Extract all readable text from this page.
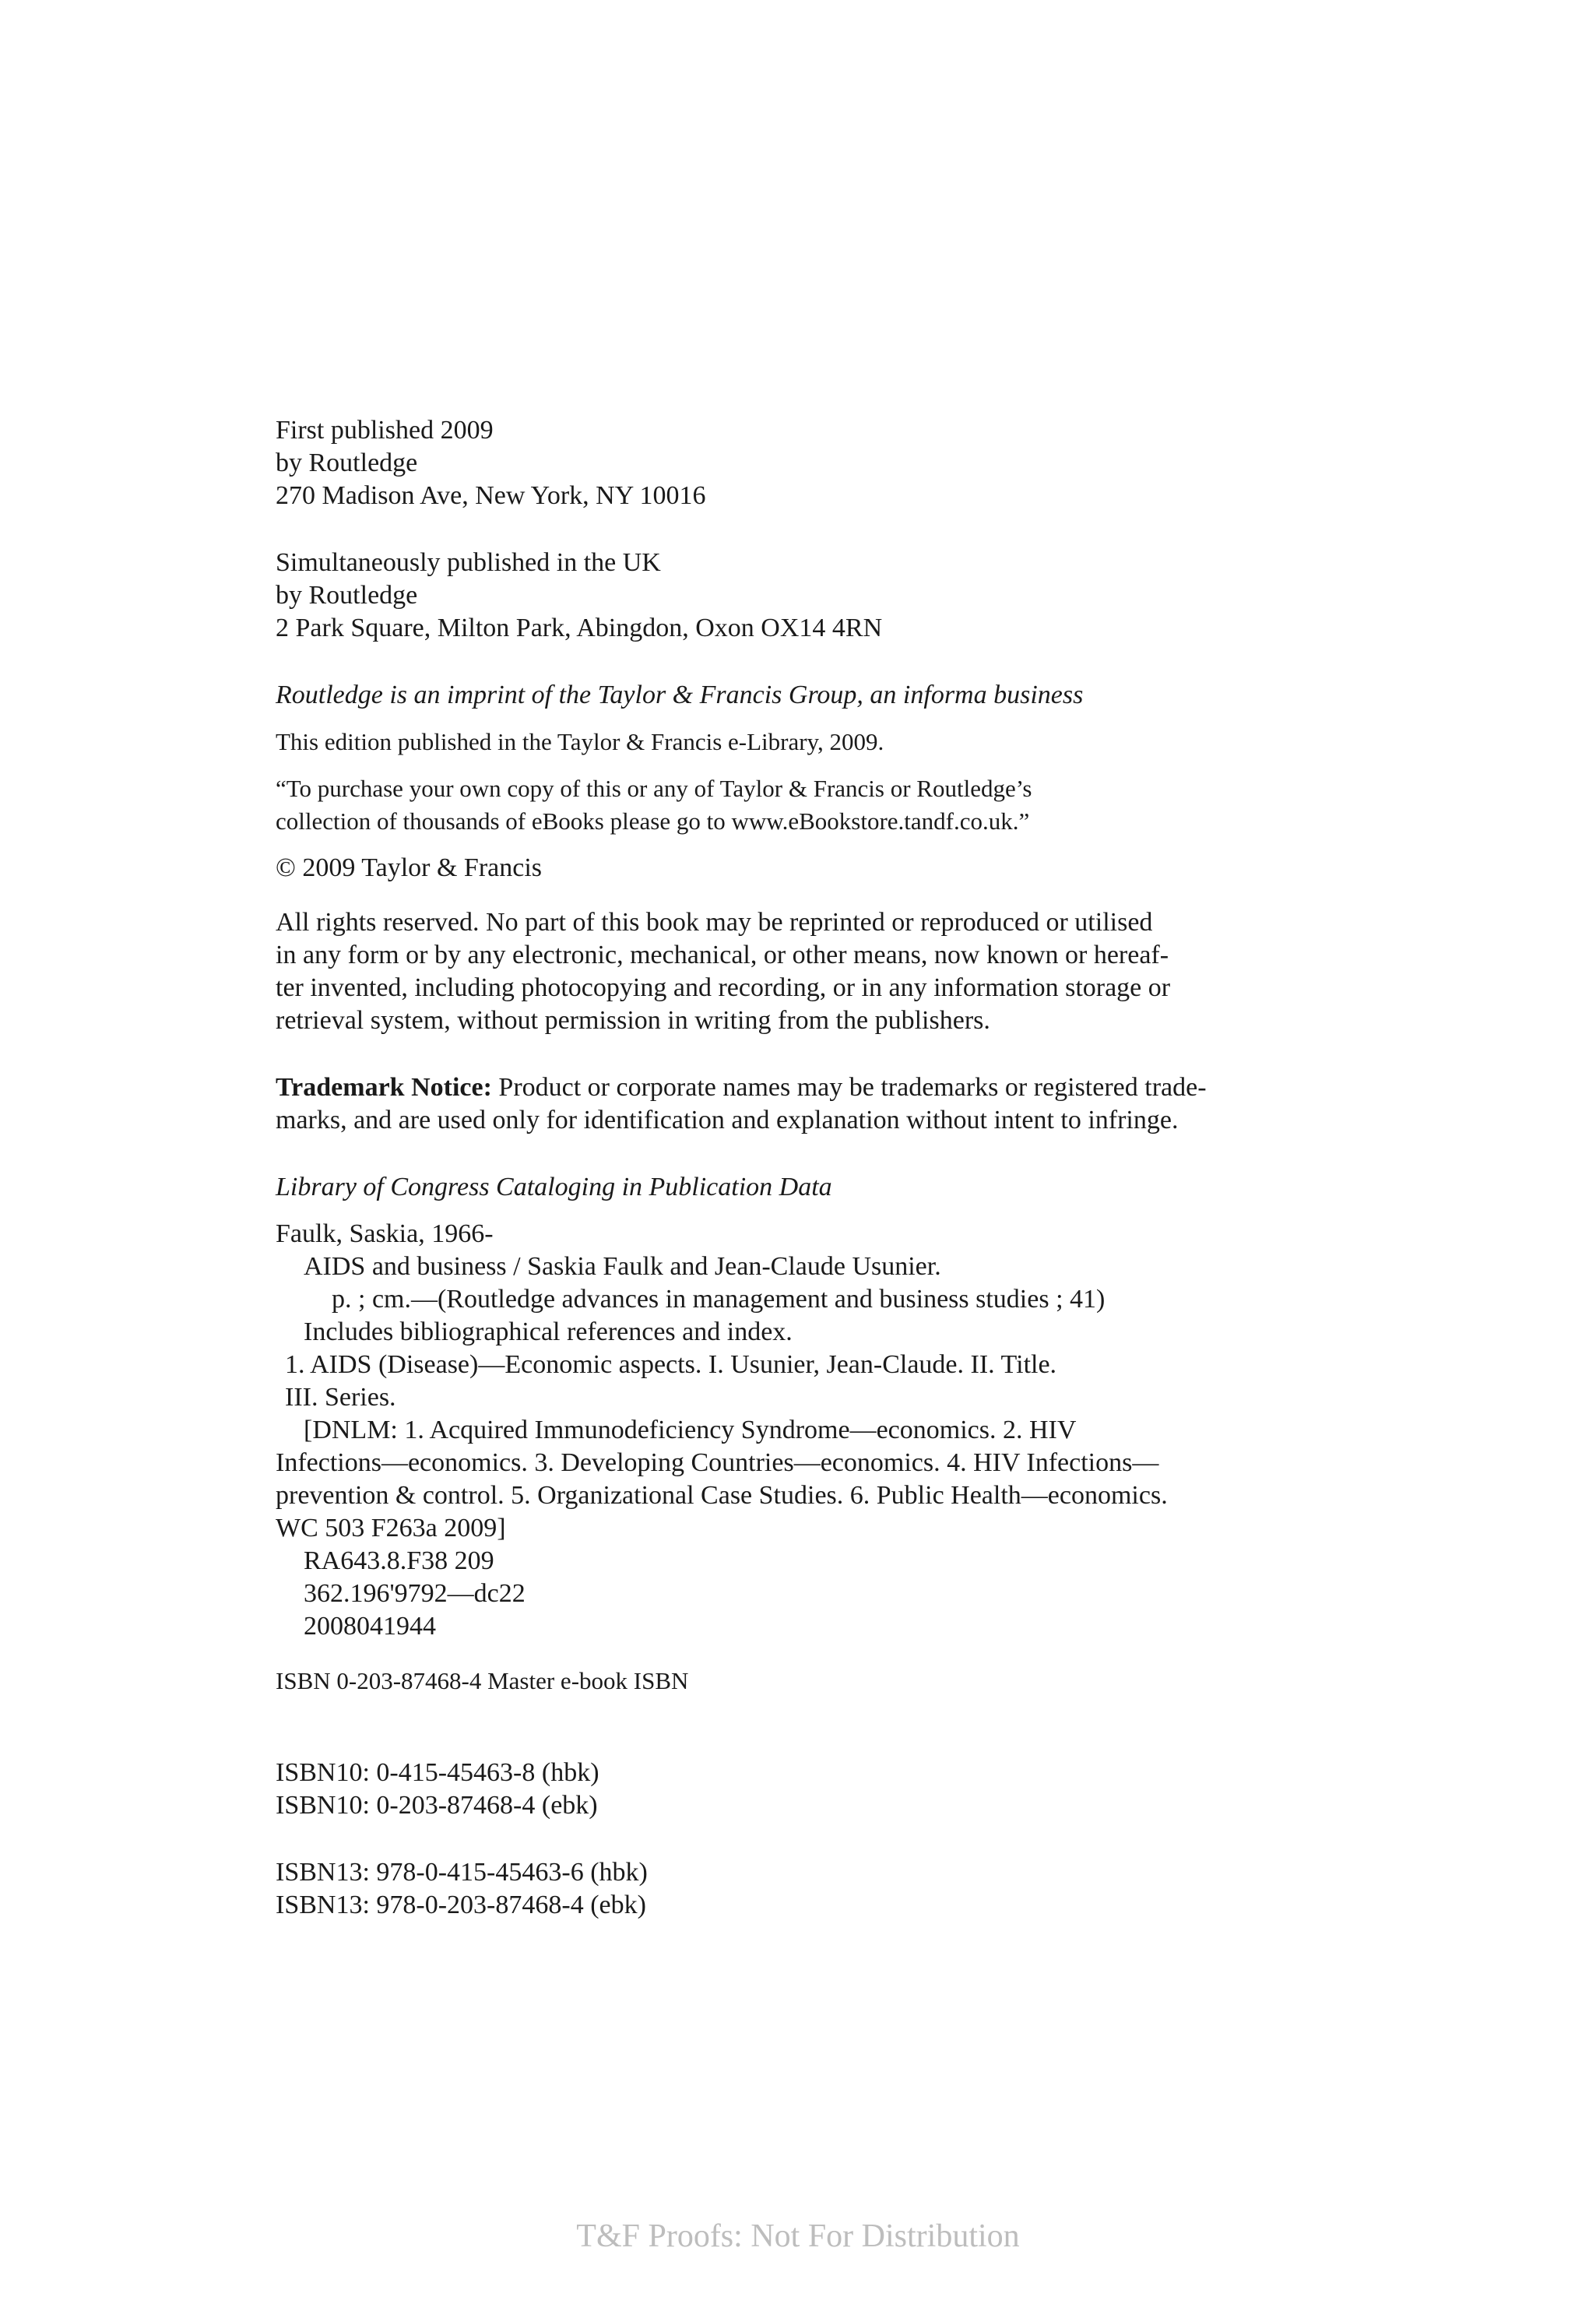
First published 2009
by Routledge
270 Madison Ave, New York, NY 10016
Simultaneously published in the UK
by Routledge
2 Park Square, Milton Park, Abingdon, Oxon OX14 4RN
Routledge is an imprint of the Taylor & Francis Group, an informa business
This edition published in the Taylor & Francis e-Library, 2009.
“To purchase your own copy of this or any of Taylor & Francis or Routledge’s
collection of thousands of eBooks please go to www.eBookstore.tandf.co.uk.”
© 2009 Taylor & Francis
All rights reserved. No part of this book may be reprinted or reproduced or utilised
in any form or by any electronic, mechanical, or other means, now known or hereaf-
ter invented, including photocopying and recording, or in any information storage or
retrieval system, without permission in writing from the publishers.
Trademark Notice: Product or corporate names may be trademarks or registered trade-
marks, and are used only for identification and explanation without intent to infringe.
Library of Congress Cataloging in Publication Data
Faulk, Saskia, 1966-
AIDS and business / Saskia Faulk and Jean-Claude Usunier.
p. ; cm.—(Routledge advances in management and business studies ; 41)
Includes bibliographical references and index.
1. AIDS (Disease)—Economic aspects. I. Usunier, Jean-Claude. II. Title.
III. Series.
[DNLM: 1. Acquired Immunodeficiency Syndrome—economics. 2. HIV
Infections—economics. 3. Developing Countries—economics. 4. HIV Infections—
prevention & control. 5. Organizational Case Studies. 6. Public Health—economics.
WC 503 F263a 2009]
RA643.8.F38 209
362.196'9792—dc22
2008041944
ISBN 0-203-87468-4 Master e-book ISBN
ISBN10: 0-415-45463-8 (hbk)
ISBN10: 0-203-87468-4 (ebk)
ISBN13: 978-0-415-45463-6 (hbk)
ISBN13: 978-0-203-87468-4 (ebk)
T&F Proofs: Not For Distribution
